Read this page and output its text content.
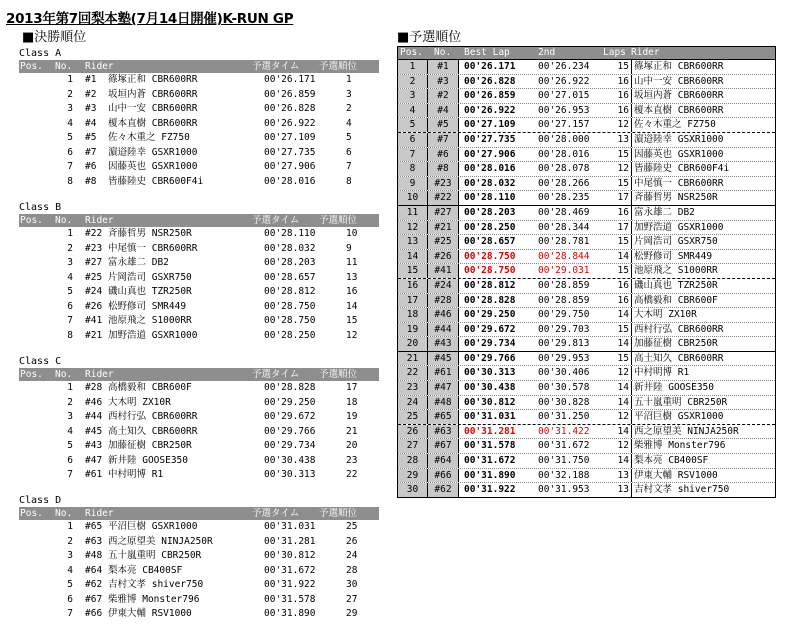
2013年第7回梨本塾(7月14日開催)K-RUN GP
■決勝順位	■予選順位
Class A
Pos. No. Rider	予選タイム 予選順位
1 #1 篠塚正和 CBR600RR	00'26.171	1
2 #2 坂垣内蒼 CBR600RR	00'26.859	3
3 #3 山中一安 CBR600RR	00'26.828	2
4 #4 榎本直樹 CBR600RR	00'26.922	4
5 #5 佐々木重之 FZ750	00'27.109	5
6 #7 濵逧陸幸 GSXR1000	00'27.735	6
7 #6 因藤英也 GSXR1000	00'27.906	7
8 #8 皆藤陸史 CBR600F4i	00'28.016	8
Class B
Pos. No. Rider	予選タイム 予選順位
1 #22 斉藤哲男 NSR250R	00'28.110	10
2 #23 中尾慎一 CBR600RR	00'28.032	9
3 #27 富永雄二 DB2	00'28.203	11
4 #25 片岡浩司 GSXR750	00'28.657	13
5 #24 磯山真也 TZR250R	00'28.812	16
6 #26 松野修司 SMR449	00'28.750	14
7 #41 池原飛之 S1000RR	00'28.750	15
8 #21 加野浩道 GSXR1000	00'28.250	12
Class C
Pos. No. Rider	予選タイム 予選順位
1 #28 高橋毅和 CBR600F	00'28.828	17
2 #46 大木明 ZX10R	00'29.250	18
3 #44 西村行弘 CBR600RR	00'29.672	19
4 #45 高土知久 CBR600RR	00'29.766	21
5 #43 加藤征樹 CBR250R	00'29.734	20
6 #47 新井陸 GOOSE350	00'30.438	23
7 #61 中村明博 R1	00'30.313	22
Class D
Pos. No. Rider	予選タイム 予選順位
1 #65 平沼巨樹 GSXR1000	00'31.031	25
2 #63 西之原望美 NINJA250R	00'31.281	26
3 #48 五十嵐重明 CBR250R	00'30.812	24
4 #64 梨本亮 CB400SF	00'31.672	28
5 #62 吉村文孝 shiver750	00'31.922	30
6 #67 柴雅博 Monster796	00'31.578	27
7 #66 伊東大輔 RSV1000	00'31.890	29
Pos. No. Best Lap	2nd	Laps Rider
1	#1	00'26.171 00'26.234	15 篠塚正和 CBR600RR
2	#3	00'26.828 00'26.922	16 山中一安 CBR600RR
3	#2	00'26.859 00'27.015	16 坂垣内蒼 CBR600RR
4	#4	00'26.922 00'26.953	16 榎本直樹 CBR600RR
5	#5	00'27.109 00'27.157	12 佐々木重之 FZ750
6	#7	00'27.735 00'28.000	13 濵逧陸幸 GSXR1000
7	#6	00'27.906 00'28.016	15 因藤英也 GSXR1000
8	#8	00'28.016 00'28.078	12 皆藤陸史 CBR600F4i
9	#23	00'28.032 00'28.266	15 中尾慎一 CBR600RR
10	#22	00'28.110 00'28.235	17 斉藤哲男 NSR250R
11	#27	00'28.203 00'28.469	16 富永雄二 DB2
12	#21	00'28.250 00'28.344	17 加野浩道 GSXR1000
13	#25	00'28.657 00'28.781	15 片岡浩司 GSXR750
14	#26	00'28.750 00'28.844	14 松野修司 SMR449
15	#41	00'28.750 00'29.031	15 池原飛之 S1000RR
16	#24	00'28.812 00'28.859	16 磯山真也 TZR250R
17	#28	00'28.828 00'28.859	16 高橋毅和 CBR600F
18	#46	00'29.250 00'29.750	14 大木明 ZX10R
19	#44	00'29.672 00'29.703	15 西村行弘 CBR600RR
20	#43	00'29.734 00'29.813	14 加藤征樹 CBR250R
21	#45	00'29.766 00'29.953	15 高土知久 CBR600RR
22	#61	00'30.313 00'30.406	12 中村明博 R1
23	#47	00'30.438 00'30.578	14 新井陸 GOOSE350
24	#48	00'30.812 00'30.828	14 五十嵐重明 CBR250R
25	#65	00'31.031 00'31.250	12 平沼巨樹 GSXR1000
26	#63	00'31.281 00'31.422	14 西之原望美 NINJA250R
27	#67	00'31.578 00'31.672	12 柴雅博 Monster796
28	#64	00'31.672 00'31.750	14 梨本亮 CB400SF
29	#66	00'31.890 00'32.188	13 伊東大輔 RSV1000
30	#62	00'31.922 00'31.953	13 吉村文孝 shiver750
